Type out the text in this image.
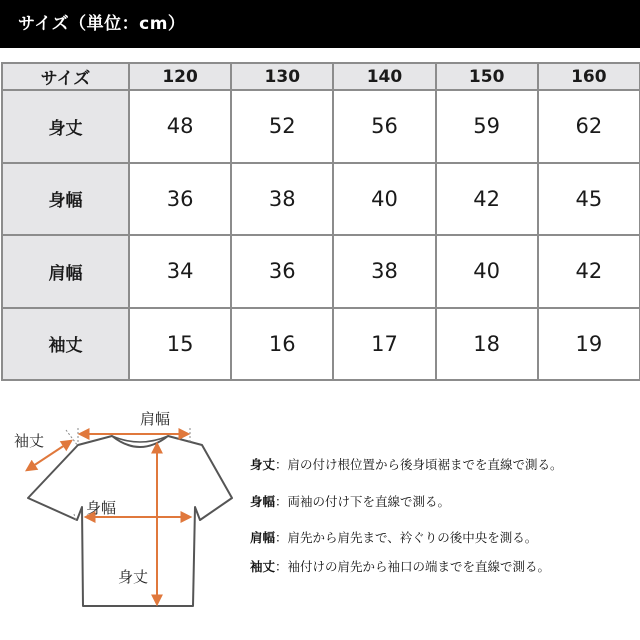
サイズ（単位：cm）
サイズ	120	130	140	150	160
身丈	48	52	56	59	62
身幅	36	38	40	42	45
肩幅	34	36	38	40	42
袖丈	15	16	17	18	19
肩幅
袖丈
身幅
身丈
身丈：肩の付け根位置から後身頃裾までを直線で測る。
身幅：両袖の付け下を直線で測る。
肩幅：肩先から肩先まで、衿ぐりの後中央を測る。
袖丈：袖付けの肩先から袖口の端までを直線で測る。
